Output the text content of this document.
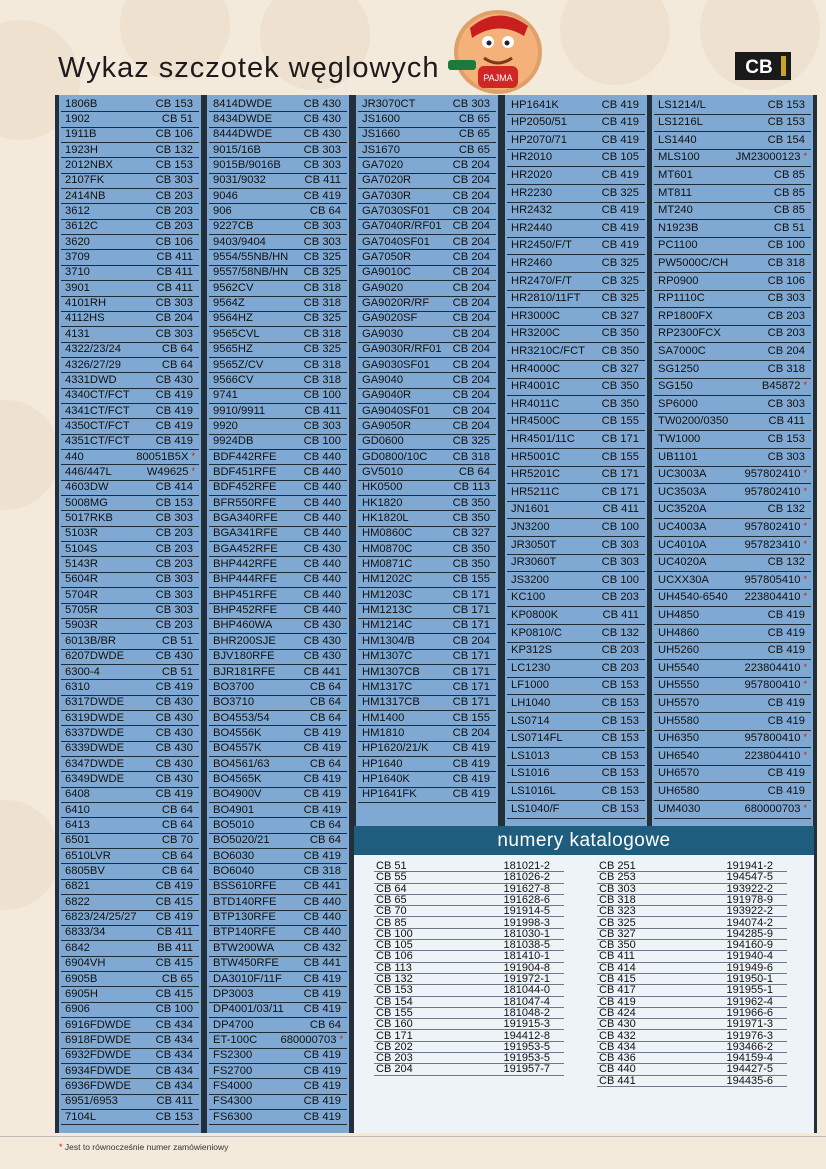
Wykaz szczotek węglowych	PAJMA	CB
1806B	CB 153
1902	CB 51
1911B	CB 106
1923H	CB 132
2012NBX	CB 153
2107FK	CB 303
2414NB	CB 203
3612	CB 203
3612C	CB 203
3620	CB 106
3709	CB 411
3710	CB 411
3901	CB 411
4101RH	CB 303
4112HS	CB 204
4131	CB 303
4322/23/24	CB 64
4326/27/29	CB 64
4331DWD	CB 430
4340CT/FCT CB 419
4341CT/FCT CB 419
4350CT/FCT CB 419
4351CT/FCT CB 419
440	80051B5X *
446/447L	W49625 *
4603DW	CB 414
5008MG	CB 153
5017RKB	CB 303
5103R	CB 203
5104S	CB 203
5143R	CB 203
5604R	CB 303
5704R	CB 303
5705R	CB 303
5903R	CB 203
6013B/BR	CB 51
6207DWDE	CB 430
6300-4	CB 51
6310	CB 419
6317DWDE	CB 430
6319DWDE	CB 430
6337DWDE	CB 430
6339DWDE	CB 430
6347DWDE	CB 430
6349DWDE	CB 430
6408	CB 419
6410	CB 64
6413	CB 64
6501	CB 70
6510LVR	CB 64
6805BV	CB 64
6821	CB 419
6822	CB 415
6823/24/25/27 CB 419
6833/34	CB 411
6842	BB 411
6904VH	CB 415
6905B	CB 65
6905H	CB 415
6906	CB 100
6916FDWDE CB 434
6918FDWDE CB 434
6932FDWDE CB 434
6934FDWDE CB 434
6936FDWDE CB 434
6951/6953	CB 411
7104L	CB 153
8414DWDE	CB 430
8434DWDE	CB 430
8444DWDE	CB 430
9015/16B	CB 303
9015B/9016B CB 303
9031/9032	CB 411
9046	CB 419
906	CB 64
9227CB	CB 303
9403/9404	CB 303
9554/55NB/HN CB 325
9557/58NB/HN CB 325
9562CV	CB 318
9564Z	CB 318
9564HZ	CB 325
9565CVL	CB 318
9565HZ	CB 325
9565Z/CV	CB 318
9566CV	CB 318
9741	CB 100
9910/9911	CB 411
9920	CB 303
9924DB	CB 100
BDF442RFE CB 440
BDF451RFE CB 440
BDF452RFE CB 440
BFR550RFE CB 440
BGA340RFE CB 440
BGA341RFE CB 440
BGA452RFE CB 430
BHP442RFE CB 440
BHP444RFE CB 440
BHP451RFE CB 440
BHP452RFE CB 440
BHP460WA	CB 430
BHR200SJE CB 430
BJV180RFE	CB 430
BJR181RFE	CB 441
BO3700	CB 64
BO3710	CB 64
BO4553/54	CB 64
BO4556K	CB 419
BO4557K	CB 419
BO4561/63	CB 64
BO4565K	CB 419
BO4900V	CB 419
BO4901	CB 419
BO5010	CB 64
BO5020/21	CB 64
BO6030	CB 419
BO6040	CB 318
BSS610RFE CB 441
BTD140RFE CB 440
BTP130RFE CB 440
BTP140RFE CB 440
BTW200WA	CB 432
BTW450RFE CB 441
DA3010F/11F CB 419
DP3003	CB 419
DP4001/03/11 CB 419
DP4700	CB 64
ET-100C 680000703 *
FS2300	CB 419
FS2700	CB 419
FS4000	CB 419
FS4300	CB 419
FS6300	CB 419
JR3070CT	CB 303
JS1600	CB 65
JS1660	CB 65
JS1670	CB 65
GA7020	CB 204
GA7020R	CB 204
GA7030R	CB 204
GA7030SF01 CB 204
GA7040R/RF01 CB 204
GA7040SF01 CB 204
GA7050R	CB 204
GA9010C	CB 204
GA9020	CB 204
GA9020R/RF CB 204
GA9020SF	CB 204
GA9030	CB 204
GA9030R/RF01 CB 204
GA9030SF01 CB 204
GA9040	CB 204
GA9040R	CB 204
GA9040SF01 CB 204
GA9050R	CB 204
GD0600	CB 325
GD0800/10C CB 318
GV5010	CB 64
HK0500	CB 113
HK1820	CB 350
HK1820L	CB 350
HM0860C	CB 327
HM0870C	CB 350
HM0871C	CB 350
HM1202C	CB 155
HM1203C	CB 171
HM1213C	CB 171
HM1214C	CB 171
HM1304/B	CB 204
HM1307C	CB 171
HM1307CB	CB 171
HM1317C	CB 171
HM1317CB	CB 171
HM1400	CB 155
HM1810	CB 204
HP1620/21/K CB 419
HP1640	CB 419
HP1640K	CB 419
HP1641FK	CB 419
HP1641K	CB 419
HP2050/51	CB 419
HP2070/71	CB 419
HR2010	CB 105
HR2020	CB 419
HR2230	CB 325
HR2432	CB 419
HR2440	CB 419
HR2450/F/T	CB 419
HR2460	CB 325
HR2470/F/T	CB 325
HR2810/11FT CB 325
HR3000C	CB 327
HR3200C	CB 350
HR3210C/FCT CB 350
HR4000C	CB 327
HR4001C	CB 350
HR4011C	CB 350
HR4500C	CB 155
HR4501/11C CB 171
HR5001C	CB 155
HR5201C	CB 171
HR5211C	CB 171
JN1601	CB 411
JN3200	CB 100
JR3050T	CB 303
JR3060T	CB 303
JS3200	CB 100
KC100	CB 203
KP0800K	CB 411
KP0810/C	CB 132
KP312S	CB 203
LC1230	CB 203
LF1000	CB 153
LH1040	CB 153
LS0714	CB 153
LS0714FL	CB 153
LS1013	CB 153
LS1016	CB 153
LS1016L	CB 153
LS1040/F	CB 153
LS1214/L	CB 153
LS1216L	CB 153
LS1440	CB 154
MLS100	JM23000123 *
MT601	CB 85
MT811	CB 85
MT240	CB 85
N1923B	CB 51
PC1100	CB 100
PW5000C/CH	CB 318
RP0900	CB 106
RP1110C	CB 303
RP1800FX	CB 203
RP2300FCX	CB 203
SA7000C	CB 204
SG1250	CB 318
SG150	B45872 *
SP6000	CB 303
TW0200/0350	CB 411
TW1000	CB 153
UB1101	CB 303
UC3003A	957802410 *
UC3503A	957802410 *
UC3520A	CB 132
UC4003A	957802410 *
UC4010A	957823410 *
UC4020A	CB 132
UCXX30A	957805410 *
UH4540-6540 223804410 *
UH4850	CB 419
UH4860	CB 419
UH5260	CB 419
UH5540	223804410 *
UH5550	957800410 *
UH5570	CB 419
UH5580	CB 419
UH6350	957800410 *
UH6540	223804410 *
UH6570	CB 419
UH6580	CB 419
UM4030	680000703 *
numery katalogowe
CB 51	181021-2
CB 55	181026-2
CB 64	191627-8
CB 65	191628-6
CB 70	191914-5
CB 85	191998-3
CB 100	181030-1
CB 105	181038-5
CB 106	181410-1
CB 113	191904-8
CB 132	191972-1
CB 153	181044-0
CB 154	181047-4
CB 155	181048-2
CB 160	191915-3
CB 171	194412-8
CB 202	191953-5
CB 203	191953-5
CB 204	191957-7
CB 251	191941-2
CB 253	194547-5
CB 303	193922-2
CB 318	191978-9
CB 323	193922-2
CB 325	194074-2
CB 327	194285-9
CB 350	194160-9
CB 411	191940-4
CB 414	191949-6
CB 415	191950-1
CB 417	191955-1
CB 419	191962-4
CB 424	191966-6
CB 430	191971-3
CB 432	191976-3
CB 434	193466-2
CB 436	194159-4
CB 440	194427-5
CB 441	194435-6
* Jest to równocześnie numer zamówieniowy
